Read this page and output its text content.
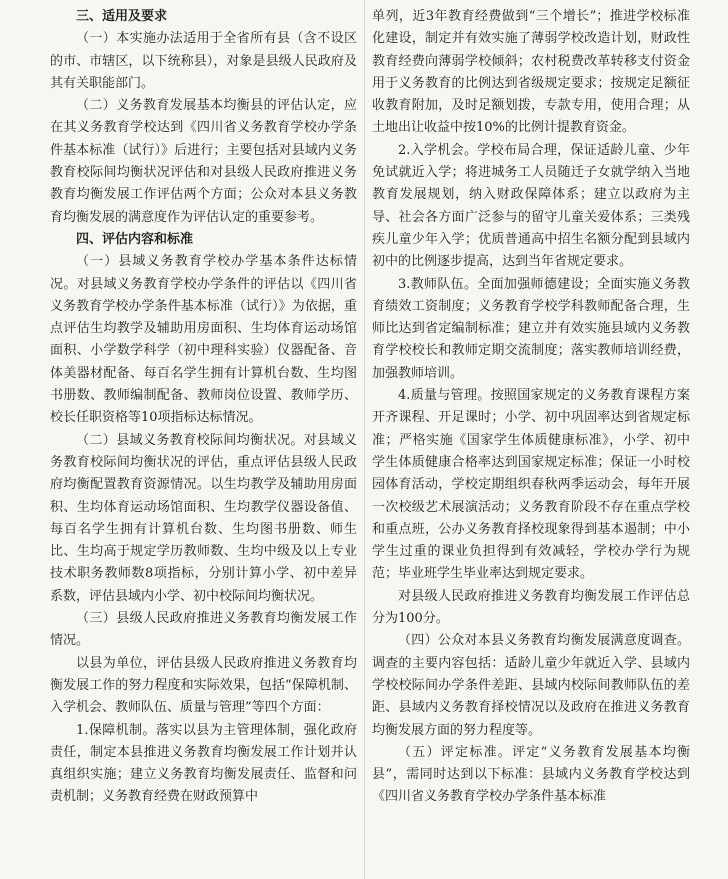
三、适用及要求

（一）本实施办法适用于全省所有县（含不设区的市、市辖区，以下统称县），对象是县级人民政府及其有关职能部门。

（二）义务教育发展基本均衡县的评估认定，应在其义务教育学校达到《四川省义务教育学校办学条件基本标准（试行）》后进行；主要包括对县域内义务教育校际间均衡状况评估和对县级人民政府推进义务教育均衡发展工作评估两个方面；公众对本县义务教育均衡发展的满意度作为评估认定的重要参考。

四、评估内容和标准

（一）县域义务教育学校办学基本条件达标情况。对县域义务教育学校办学条件的评估以《四川省义务教育学校办学条件基本标准（试行）》为依据，重点评估生均教学及辅助用房面积、生均体育运动场馆面积、小学数学科学（初中理科实验）仪器配备、音体美器材配备、每百名学生拥有计算机台数、生均图书册数、教师编制配备、教师岗位设置、教师学历、校长任职资格等10项指标达标情况。

（二）县域义务教育校际间均衡状况。对县域义务教育校际间均衡状况的评估，重点评估县级人民政府均衡配置教育资源情况。以生均教学及辅助用房面积、生均体育运动场馆面积、生均教学仪器设备值、每百名学生拥有计算机台数、生均图书册数、师生比、生均高于规定学历教师数、生均中级及以上专业技术职务教师数8项指标，分别计算小学、初中差异系数，评估县域内小学、初中校际间均衡状况。

（三）县级人民政府推进义务教育均衡发展工作情况。

以县为单位，评估县级人民政府推进义务教育均衡发展工作的努力程度和实际效果，包括“保障机制、入学机会、教师队伍、质量与管理”等四个方面：

1.保障机制。落实以县为主管理体制，强化政府责任，制定本县推进义务教育均衡发展工作计划并认真组织实施；建立义务教育均衡发展责任、监督和问责机制；义务教育经费在财政预算中

单列，近3年教育经费做到“三个增长”；推进学校标准化建设，制定并有效实施了薄弱学校改造计划，财政性教育经费向薄弱学校倾斜；农村税费改革转移支付资金用于义务教育的比例达到省级规定要求；按规定足额征收教育附加，及时足额划拨，专款专用，使用合理；从土地出让收益中按10%的比例计提教育资金。

2.入学机会。学校布局合理，保证适龄儿童、少年免试就近入学；将进城务工人员随迁子女就学纳入当地教育发展规划，纳入财政保障体系；建立以政府为主导、社会各方面广泛参与的留守儿童关爱体系；三类残疾儿童少年入学；优质普通高中招生名额分配到县域内初中的比例逐步提高，达到当年省规定要求。

3.教师队伍。全面加强师德建设；全面实施义务教育绩效工资制度；义务教育学校学科教师配备合理，生师比达到省定编制标准；建立并有效实施县域内义务教育学校校长和教师定期交流制度；落实教师培训经费，加强教师培训。

4.质量与管理。按照国家规定的义务教育课程方案开齐课程、开足课时；小学、初中巩固率达到省规定标准；严格实施《国家学生体质健康标准》，小学、初中学生体质健康合格率达到国家规定标准；保证一小时校园体育活动，学校定期组织春秋两季运动会，每年开展一次校级艺术展演活动；义务教育阶段不存在重点学校和重点班，公办义务教育择校现象得到基本遏制；中小学生过重的课业负担得到有效减轻，学校办学行为规范；毕业班学生毕业率达到规定要求。

对县级人民政府推进义务教育均衡发展工作评估总分为100分。

（四）公众对本县义务教育均衡发展满意度调查。调查的主要内容包括：适龄儿童少年就近入学、县域内学校校际间办学条件差距、县域内校际间教师队伍的差距、县域内义务教育择校情况以及政府在推进义务教育均衡发展方面的努力程度等。

（五）评定标准。评定“义务教育发展基本均衡县”，需同时达到以下标准：县域内义务教育学校达到《四川省义务教育学校办学条件基本标准
